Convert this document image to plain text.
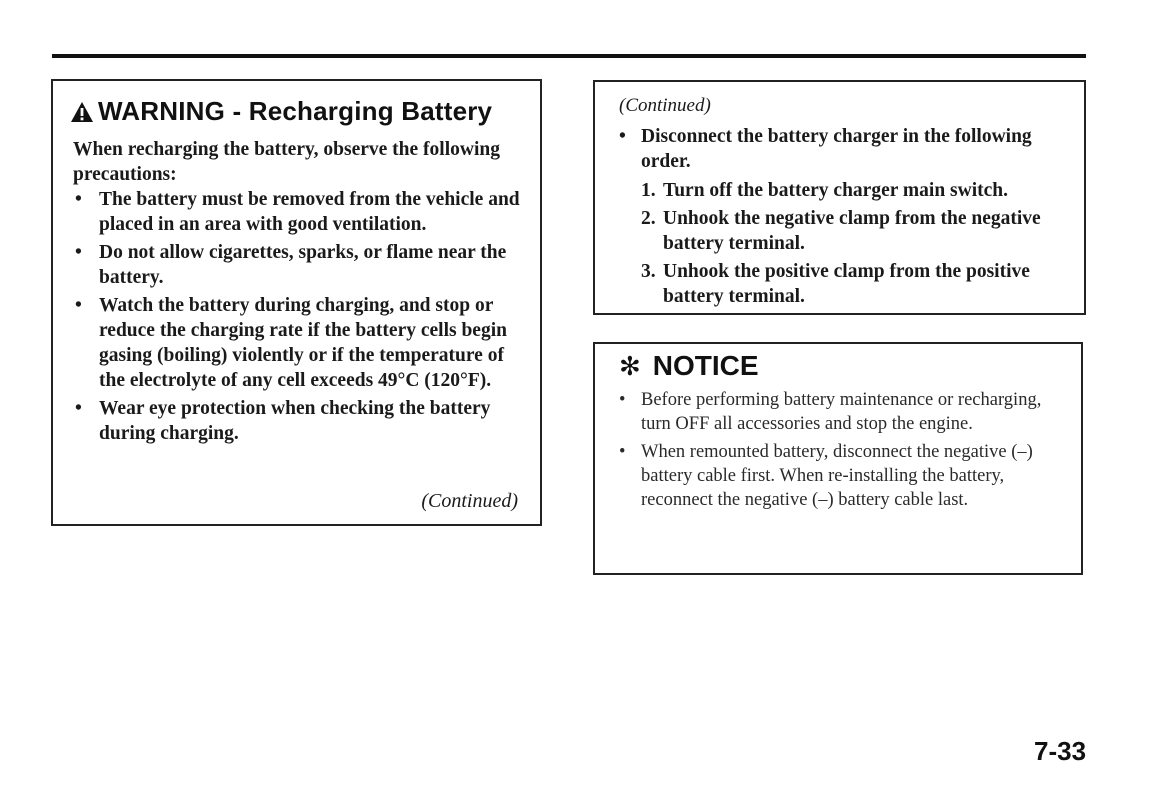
WARNING - Recharging Battery
When recharging the battery, observe the following precautions:
• The battery must be removed from the vehicle and placed in an area with good ventilation.
• Do not allow cigarettes, sparks, or flame near the battery.
• Watch the battery during charging, and stop or reduce the charging rate if the battery cells begin gasing (boiling) violently or if the temperature of the electrolyte of any cell exceeds 49°C (120°F).
• Wear eye protection when checking the battery during charging.
(Continued)
(Continued)
• Disconnect the battery charger in the following order.
1. Turn off the battery charger main switch.
2. Unhook the negative clamp from the negative battery terminal.
3. Unhook the positive clamp from the positive battery terminal.
✻ NOTICE
• Before performing battery maintenance or recharging, turn OFF all accessories and stop the engine.
• When remounted battery, disconnect the negative (–) battery cable first. When re-installing the battery, reconnect the negative (–) battery cable last.
7-33
